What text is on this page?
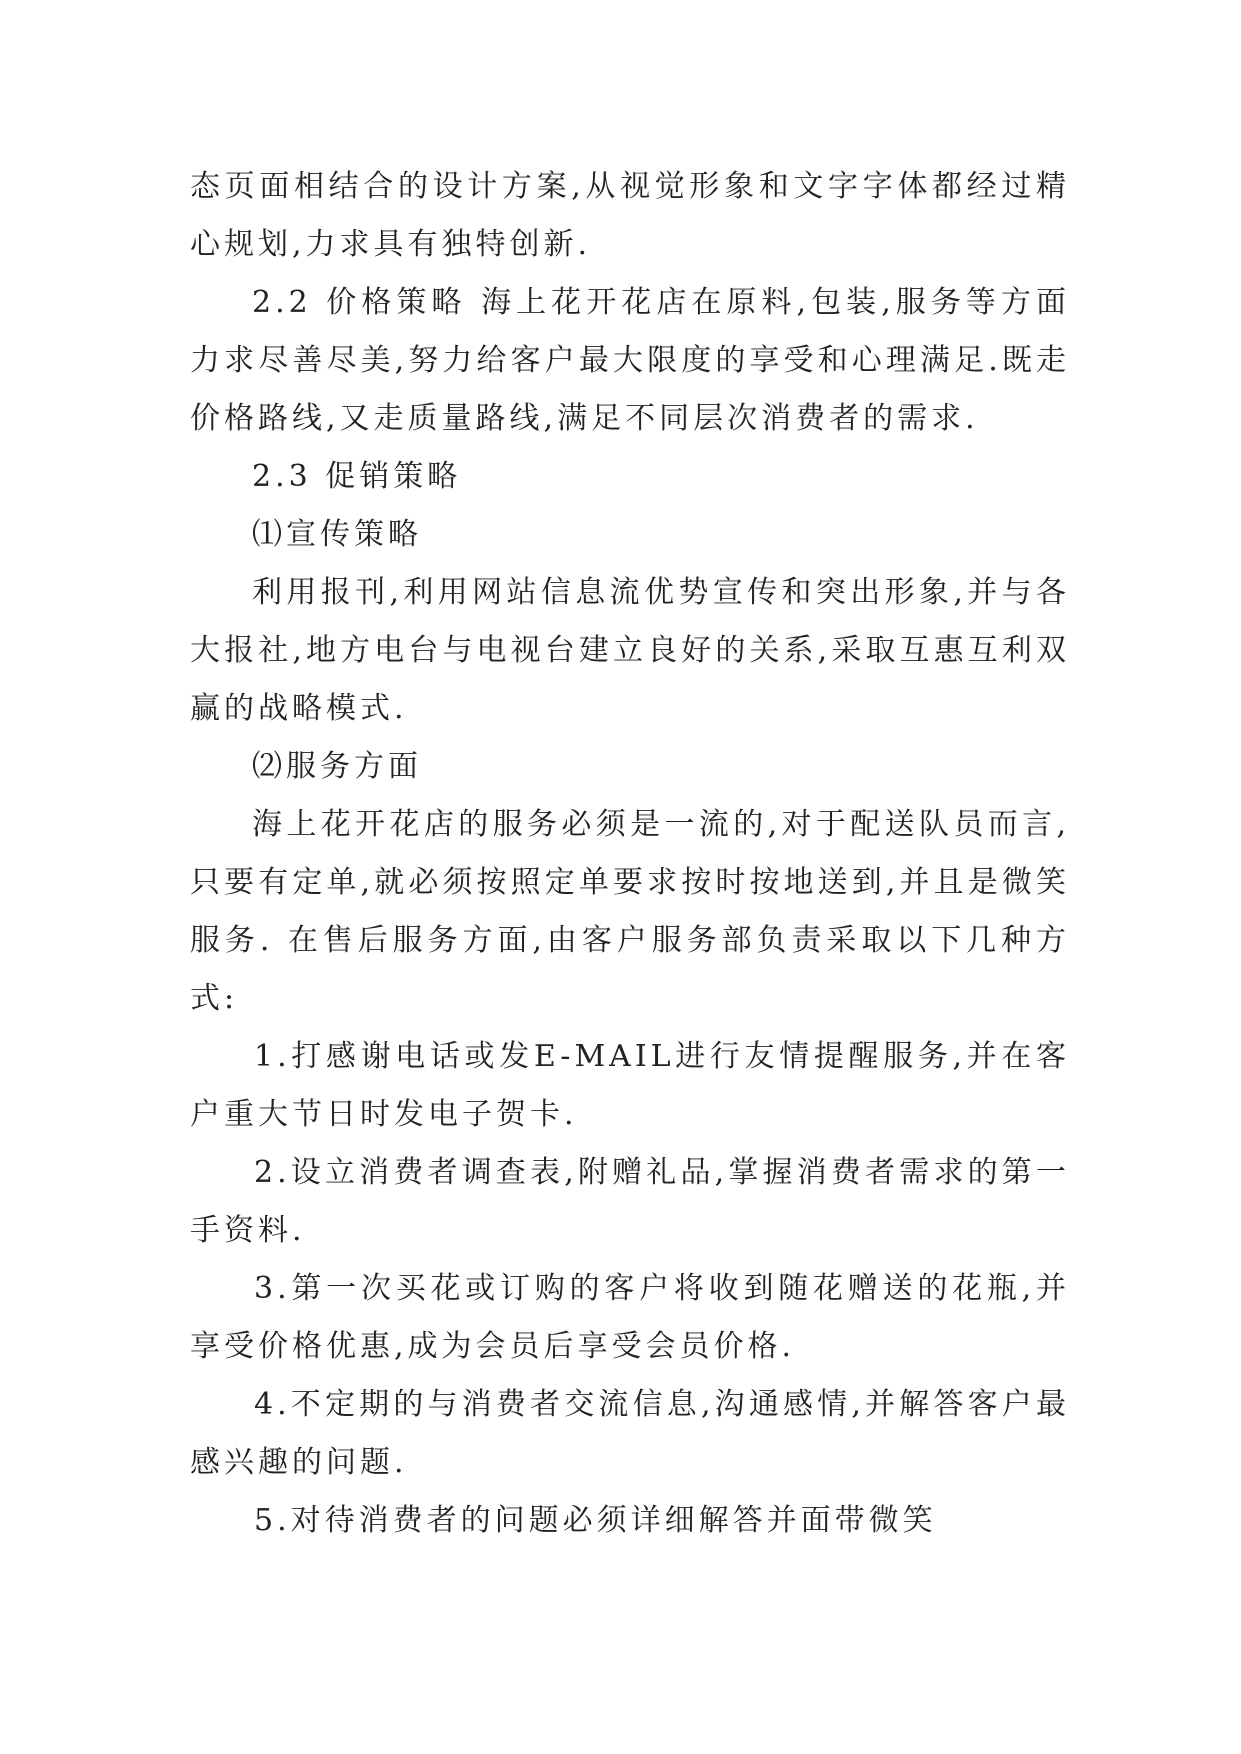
态页面相结合的设计方案,从视觉形象和文字字体都经过精心规划,力求具有独特创新.

2.2 价格策略 海上花开花店在原料,包装,服务等方面力求尽善尽美,努力给客户最大限度的享受和心理满足.既走价格路线,又走质量路线,满足不同层次消费者的需求.

2.3 促销策略

⑴宣传策略

利用报刊,利用网站信息流优势宣传和突出形象,并与各大报社,地方电台与电视台建立良好的关系,采取互惠互利双赢的战略模式.

⑵服务方面

海上花开花店的服务必须是一流的,对于配送队员而言,只要有定单,就必须按照定单要求按时按地送到,并且是微笑服务. 在售后服务方面,由客户服务部负责采取以下几种方式:

1.打感谢电话或发E-MAIL进行友情提醒服务,并在客户重大节日时发电子贺卡.

2.设立消费者调查表,附赠礼品,掌握消费者需求的第一手资料.

3.第一次买花或订购的客户将收到随花赠送的花瓶,并享受价格优惠,成为会员后享受会员价格.

4.不定期的与消费者交流信息,沟通感情,并解答客户最感兴趣的问题.

5.对待消费者的问题必须详细解答并面带微笑
